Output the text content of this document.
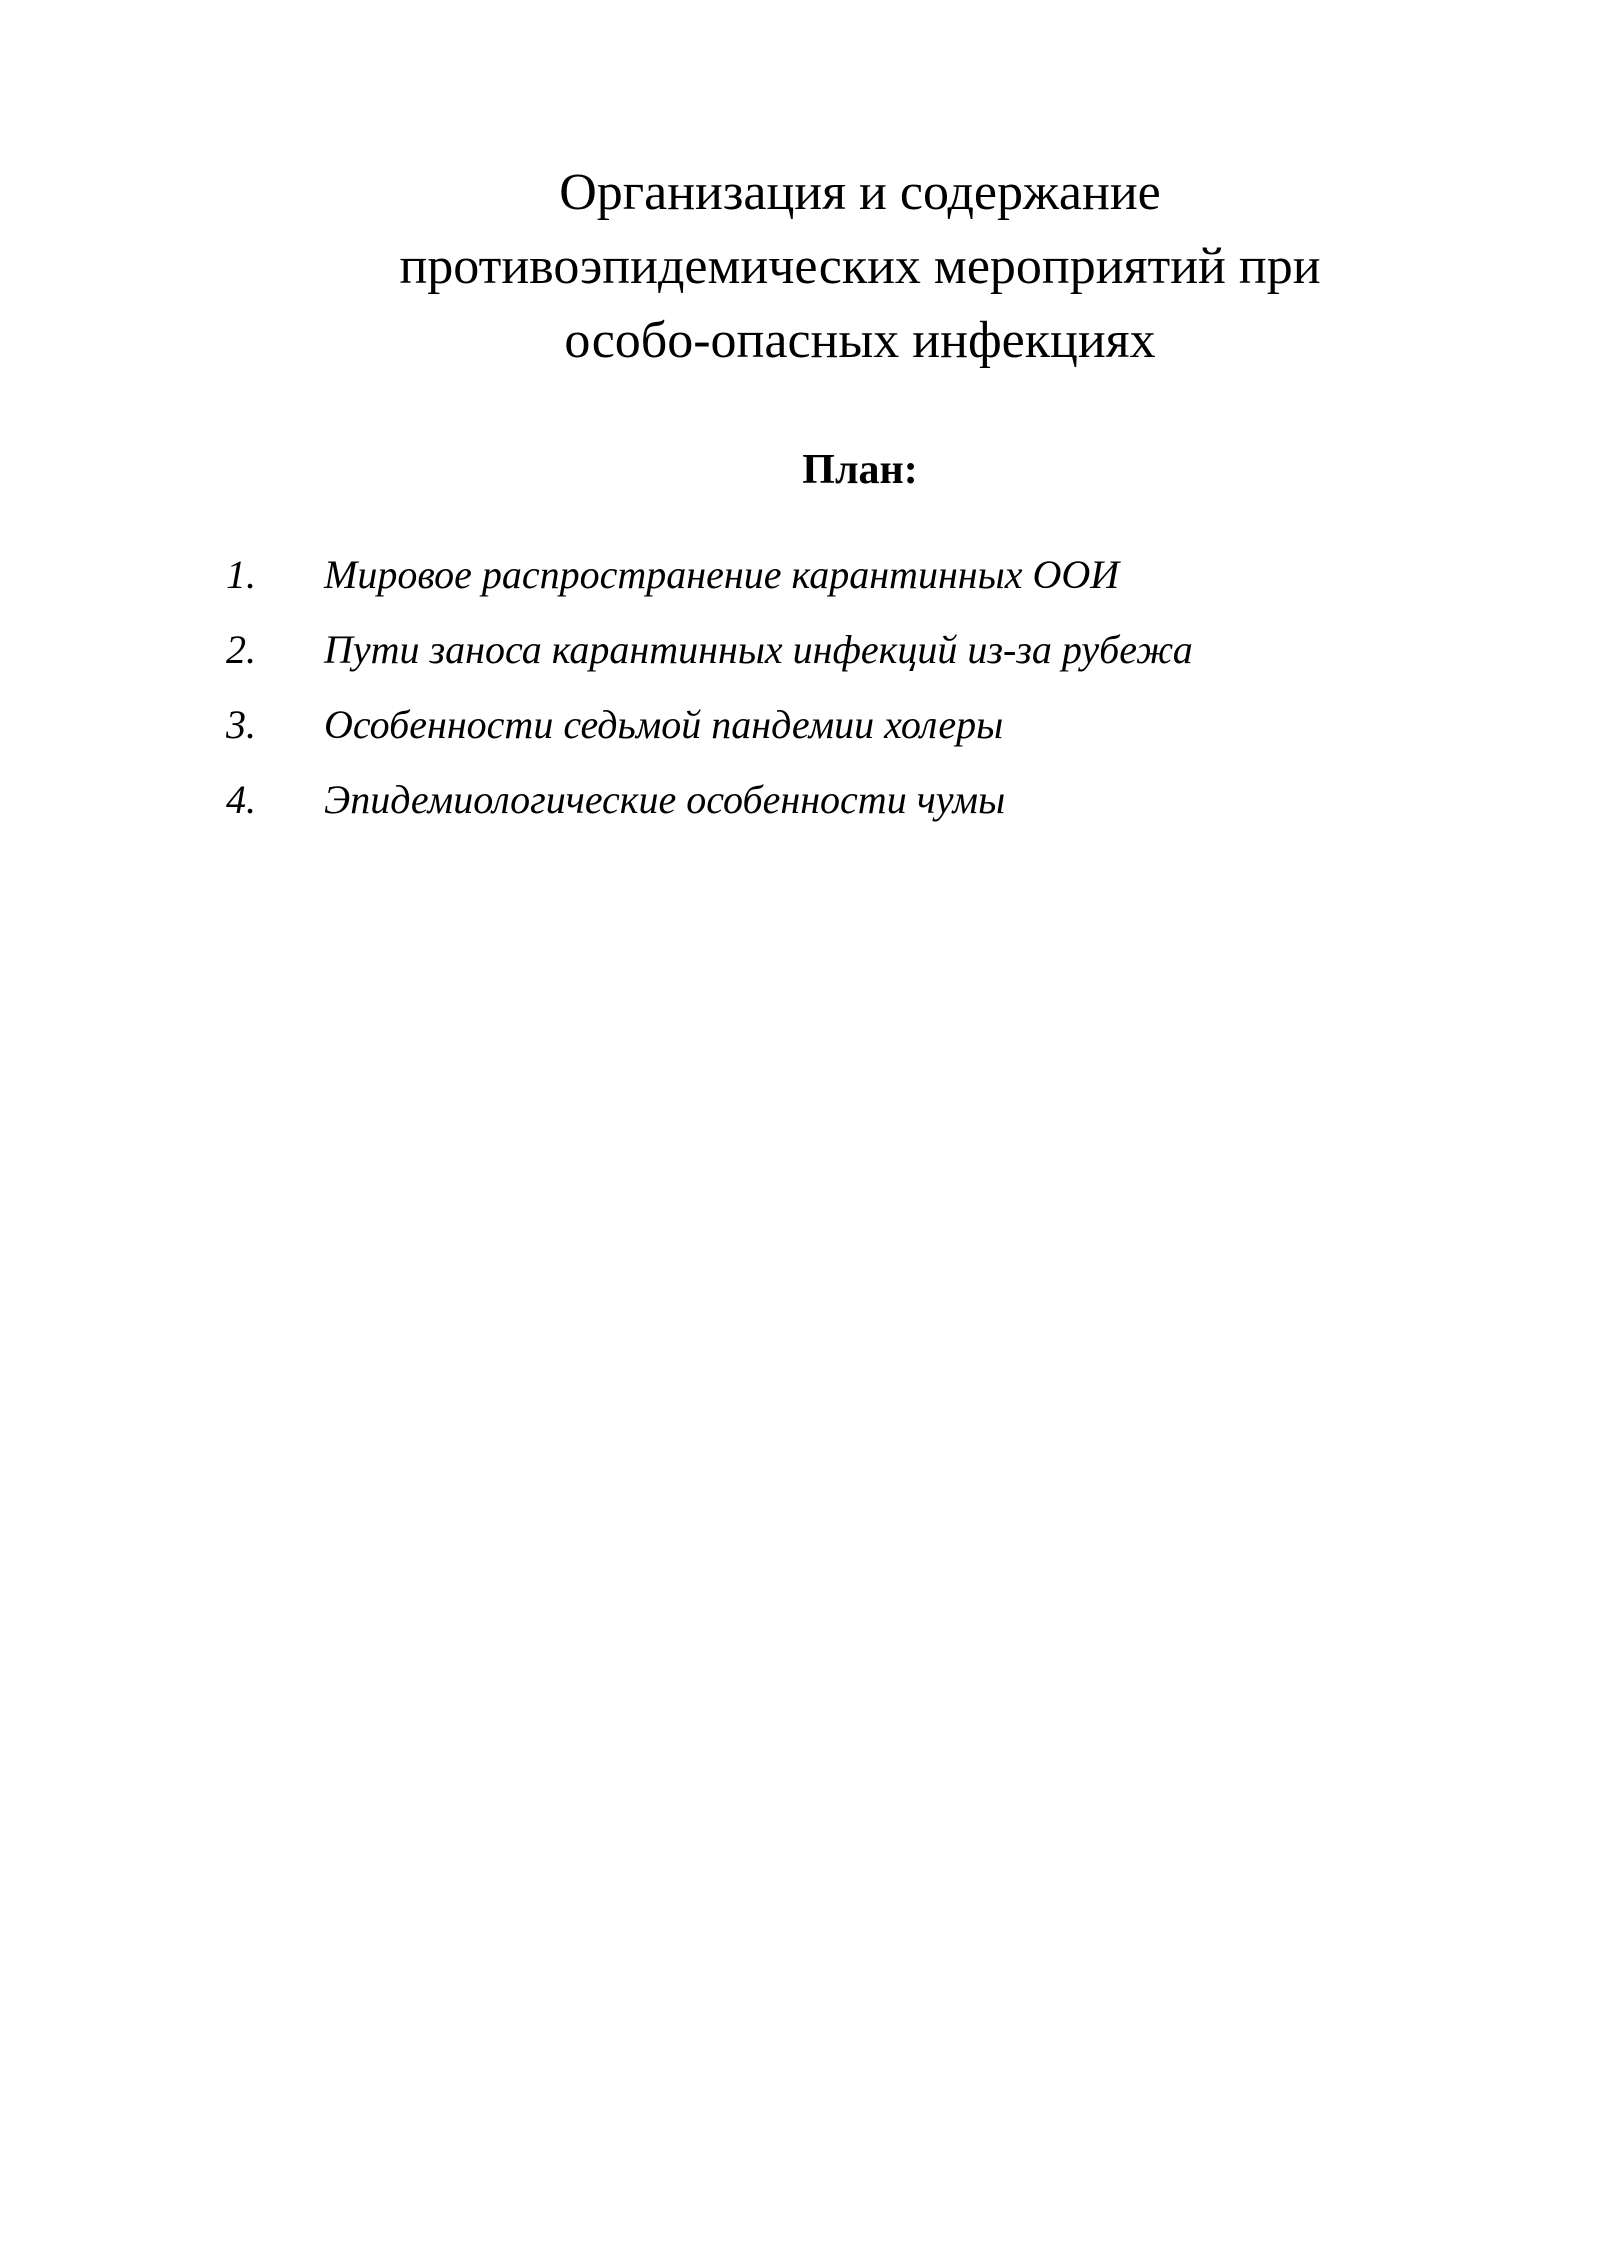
Организация и содержание
противоэпидемических мероприятий при
особо-опасных инфекциях
План:
1. Мировое распространение карантинных ООИ
2. Пути заноса карантинных инфекций из-за рубежа
3. Особенности седьмой пандемии холеры
4. Эпидемиологические особенности чумы
